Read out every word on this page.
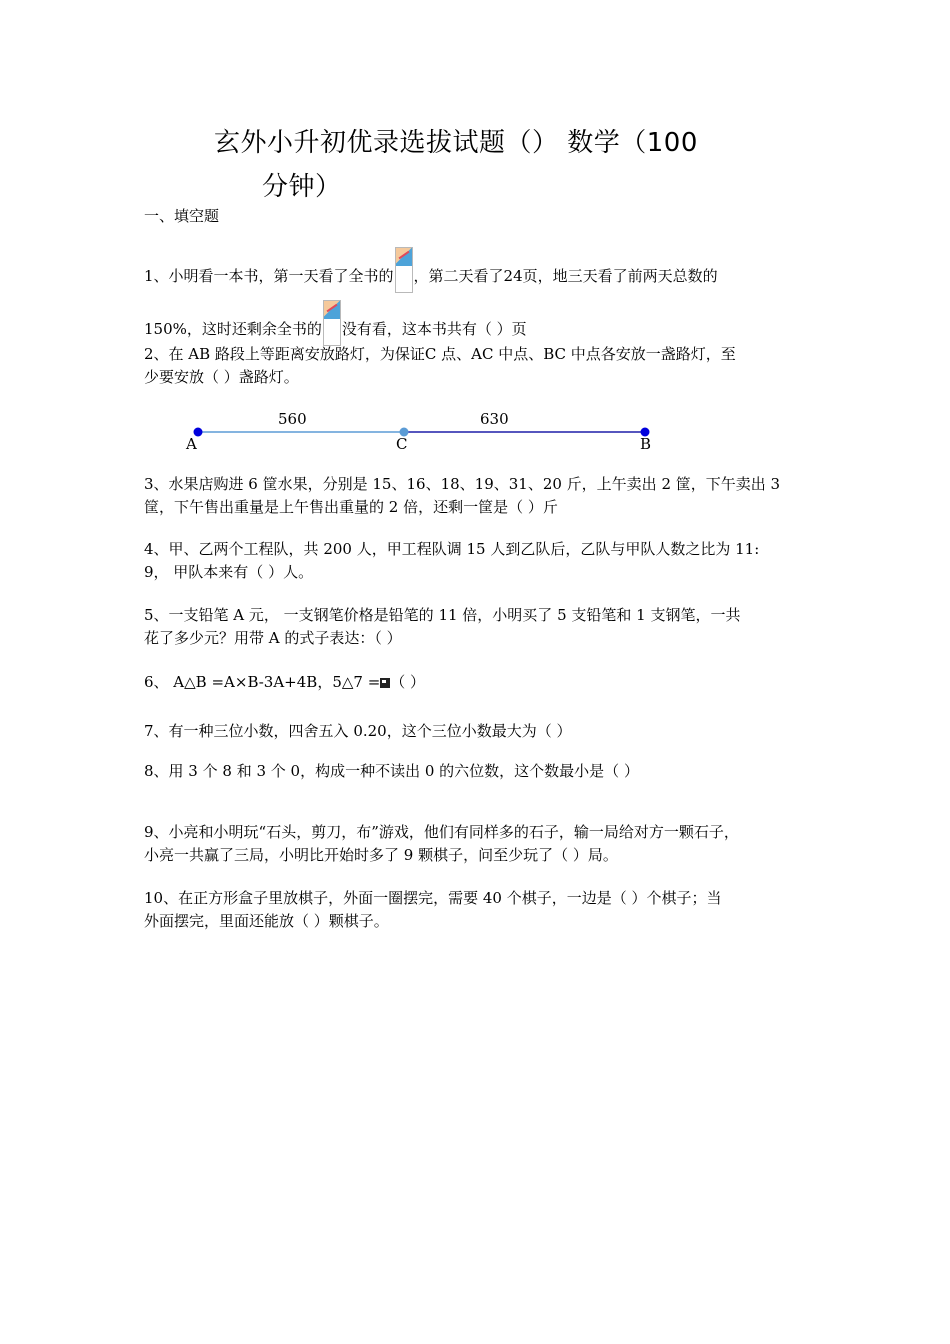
玄外小升初优录选拔试题（） 数学（100
分钟）
一、填空题
1、小明看一本书，第一天看了全书的 ，第二天看了24页，地三天看了前两天总数的
150%，这时还剩余全书的 没有看，这本书共有（ ）页
2、在 AB 路段上等距离安放路灯，为保证C 点、AC 中点、BC 中点各安放一盏路灯，至
少要安放（ ）盏路灯。
560	630
A	C	B
3、水果店购进 6 筐水果，分别是 15、16、18、19、31、20 斤，上午卖出 2 筐，下午卖出 3
筐，下午售出重量是上午售出重量的 2 倍，还剩一筐是（ ）斤
4、甲、乙两个工程队，共 200 人，甲工程队调 15 人到乙队后，乙队与甲队人数之比为 11:
9， 甲队本来有（ ）人。
5、一支铅笔 A 元， 一支钢笔价格是铅笔的 11 倍，小明买了 5 支铅笔和 1 支钢笔，一共
花了多少元？用带 A 的式子表达：（ ）
6、 A△B =A×B-3A+4B，5△7 = （ ）
7、有一种三位小数，四舍五入 0.20，这个三位小数最大为（ ）
8、用 3 个 8 和 3 个 0，构成一种不读出 0 的六位数，这个数最小是（ ）
9、小亮和小明玩“石头，剪刀，布”游戏，他们有同样多的石子，输一局给对方一颗石子，
小亮一共赢了三局，小明比开始时多了 9 颗棋子，问至少玩了（ ）局。
10、在正方形盒子里放棋子，外面一圈摆完，需要 40 个棋子，一边是（ ）个棋子；当
外面摆完，里面还能放（ ）颗棋子。
